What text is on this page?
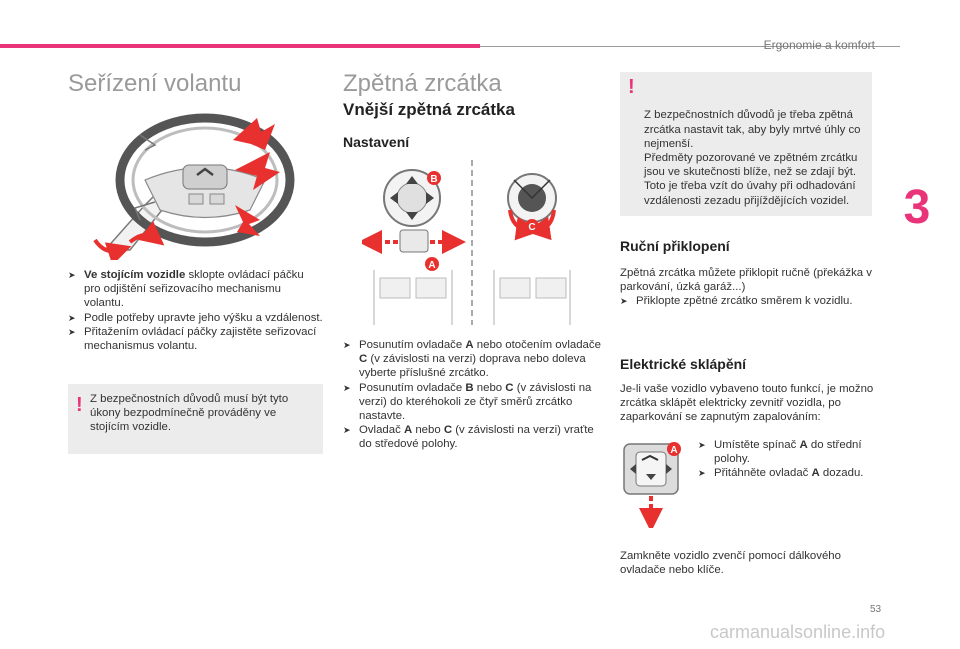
Ergonomie a komfort
3
Seřízení volantu
➤ Ve stojícím vozidle sklopte ovládací páčku pro odjištění seřizovacího mechanismu volantu.
➤ Podle potřeby upravte jeho výšku a vzdálenost.
➤ Přitažením ovládací páčky zajistěte seřizovací mechanismus volantu.
! Z bezpečnostních důvodů musí být tyto úkony bezpodmínečně prováděny ve stojícím vozidle.
Zpětná zrcátka
Vnější zpětná zrcátka
Nastavení
B
C
A
➤ Posunutím ovladače A nebo otočením ovladače C (v závislosti na verzi) doprava nebo doleva vyberte příslušné zrcátko.
➤ Posunutím ovladače B nebo C (v závislosti na verzi) do kteréhokoli ze čtyř směrů zrcátko nastavte.
➤ Ovladač A nebo C (v závislosti na verzi) vraťte do středové polohy.

!

Z bezpečnostních důvodů je třeba zpětná zrcátka nastavit tak, aby byly mrtvé úhly co nejmenší.
Předměty pozorované ve zpětném zrcátku jsou ve skutečnosti blíže, než se zdají být.
Toto je třeba vzít do úvahy při odhadování vzdálenosti zezadu přijíždějících vozidel.

Ruční přiklopení
Zpětná zrcátka můžete přiklopit ručně (překážka v parkování, úzká garáž...)
➤ Přiklopte zpětné zrcátko směrem k vozidlu.
Elektrické sklápění
Je-li vaše vozidlo vybaveno touto funkcí, je možno zrcátka sklápět elektricky zevnitř vozidla, po zaparkování se zapnutým zapalováním:
A ➤ Umístěte spínač A do střední polohy.
➤ Přitáhněte ovladač A dozadu.
Zamkněte vozidlo zvenčí pomocí dálkového ovladače nebo klíče.
53
carmanualsonline.info
